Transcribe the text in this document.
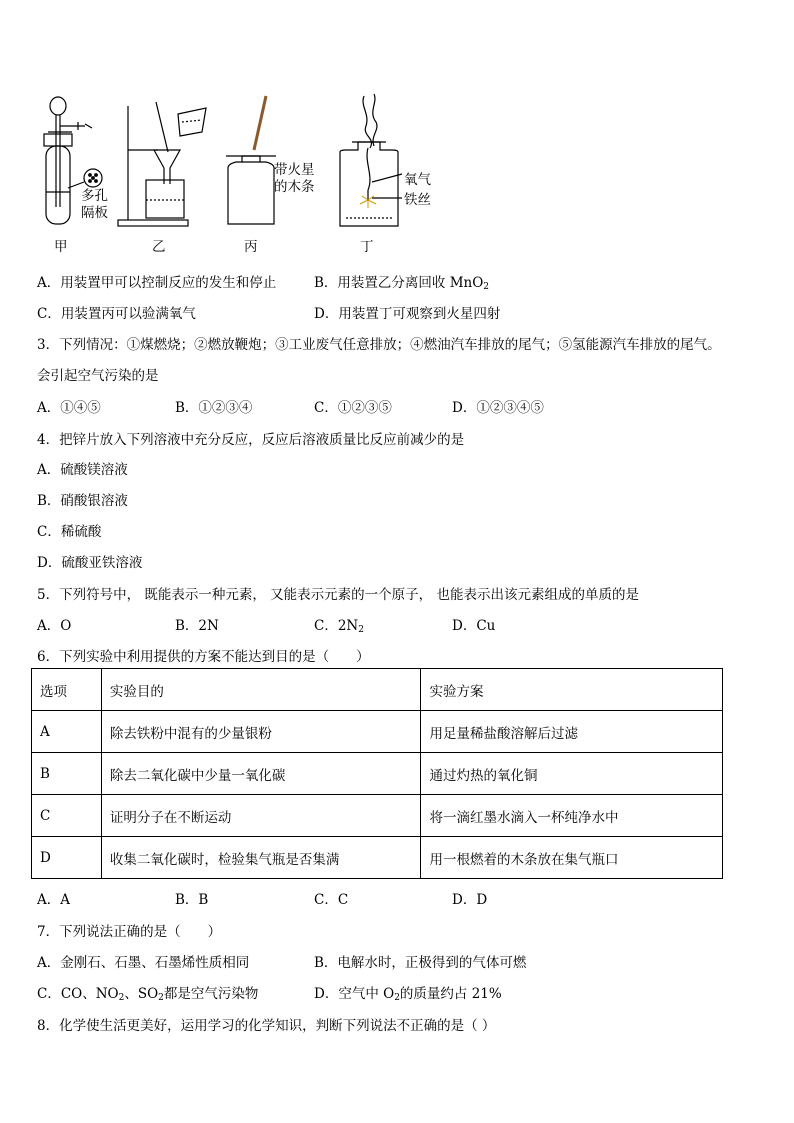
多孔
隔板
带火星
的木条	氧气
铁丝
甲	乙	丙	丁
A．用装置甲可以控制反应的发生和停止	B．用装置乙分离回收 MnO$_2$
C．用装置丙可以验满氧气	D．用装置丁可观察到火星四射
3．下列情况：①煤燃烧；②燃放鞭炮；③工业废气任意排放；④燃油汽车排放的尾气；⑤氢能源汽车排放的尾气。
会引起空气污染的是
A．①④⑤	B．①②③④	C．①②③⑤	D．①②③④⑤
4．把锌片放入下列溶液中充分反应，反应后溶液质量比反应前减少的是
A．硫酸镁溶液
B．硝酸银溶液
C．稀硫酸
D．硫酸亚铁溶液
5．下列符号中， 既能表示一种元素， 又能表示元素的一个原子， 也能表示出该元素组成的单质的是
A．O	B．2N	C．$2N_2$	D．Cu
6．下列实验中利用提供的方案不能达到目的是（　　）
选项	实验目的	实验方案
A	除去铁粉中混有的少量银粉	用足量稀盐酸溶解后过滤
B	除去二氧化碳中少量一氧化碳	通过灼热的氧化铜
C	证明分子在不断运动	将一滴红墨水滴入一杯纯净水中
D	收集二氧化碳时，检验集气瓶是否集满	用一根燃着的木条放在集气瓶口
A．A	B．B	C．C	D．D
7．下列说法正确的是（　　）
A．金刚石、石墨、石墨烯性质相同	B．电解水时，正极得到的气体可燃
C．CO、$NO_2$、$SO_2$都是空气污染物	D．空气中 $O_2$的质量约占 21%
8．化学使生活更美好，运用学习的化学知识，判断下列说法不正确的是（ ）
